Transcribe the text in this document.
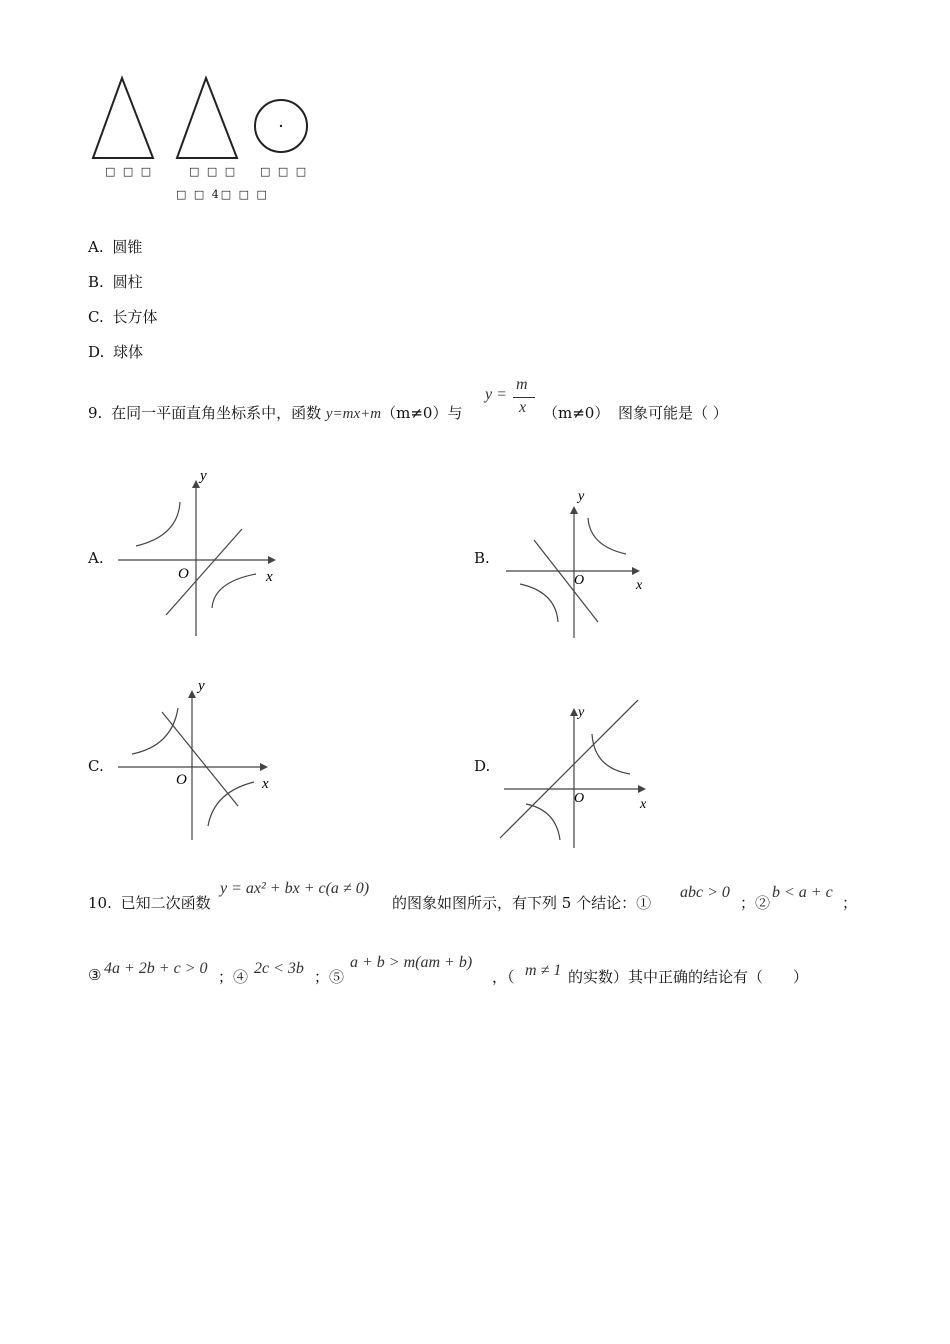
□ □ □	□ □ □ □ □ □
□ □ 4□ □ □
A. 圆锥
B. 圆柱
C. 长方体
D. 球体
9. 在同一平面直角坐标系中，函数 y=mx+m（m≠0）与
y =
m
x （m≠0） 图象可能是（ ）
A.
y
x
O
B.
y
x
O
C.
y
x
O
D.
y
x
O
10. 已知二次函数
y = ax² + bx + c(a ≠ 0)
的图象如图所示，有下列 5 个结论：①
abc > 0
；②
b < a + c
；
③ 4a + 2b + c > 0 ；④ 2c < 3b ；⑤
a + b > m(am + b)
，（ m ≠ 1 的实数）其中正确的结论有（　　）
